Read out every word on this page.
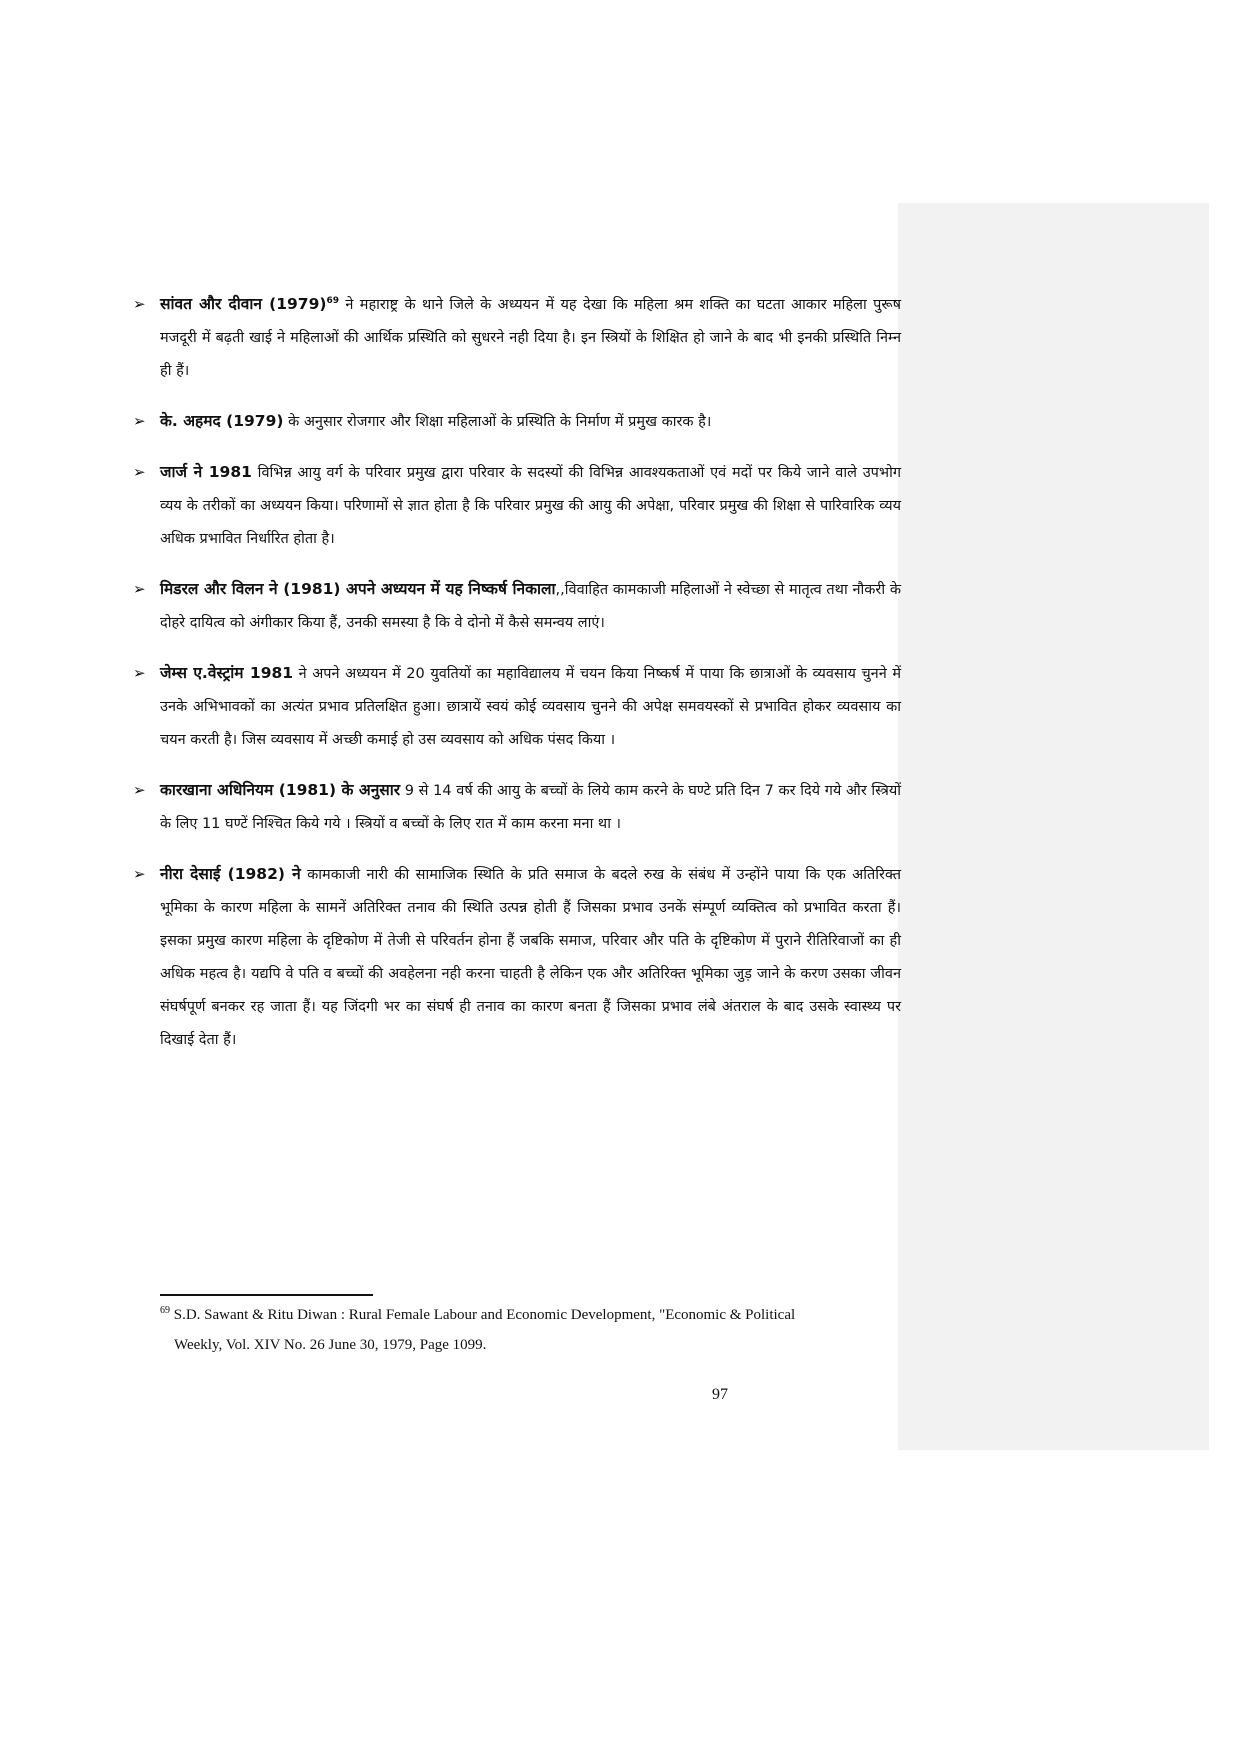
➢ सांवत और दीवान $(1979)^{69}$ ने महाराष्ट्र के थाने जिले के अध्ययन में यह देखा कि महिला श्रम शक्ति का घटता आकार महिला पुरूष मजदूरी में बढ़ती खाई ने महिलाओं की आर्थिक प्रस्थिति को सुधरने नही दिया है। इन स्त्रियों के शिक्षित हो जाने के बाद भी इनकी प्रस्थिति निम्न ही हैं।
➢ के. अहमद (1979) के अनुसार रोजगार और शिक्षा महिलाओं के प्रस्थिति के निर्माण में प्रमुख कारक है।
➢ जार्ज ने 1981 विभिन्न आयु वर्ग के परिवार प्रमुख द्वारा परिवार के सदस्यों की विभिन्न आवश्यकताओं एवं मदों पर किये जाने वाले उपभोग व्यय के तरीकों का अध्ययन किया। परिणामों से ज्ञात होता है कि परिवार प्रमुख की आयु की अपेक्षा, परिवार प्रमुख की शिक्षा से पारिवारिक व्यय अधिक प्रभावित निर्धारित होता है।
➢ मिडरल और विलन ने (1981) अपने अध्ययन में यह निष्कर्ष निकाला,,विवाहित कामकाजी महिलाओं ने स्वेच्छा से मातृत्व तथा नौकरी के दोहरे दायित्व को अंगीकार किया हैं, उनकी समस्या है कि वे दोनो में कैसे समन्वय लाएं।
➢ जेम्स ए.वेस्ट्रांम 1981 ने अपने अध्ययन में 20 युवतियों का महाविद्यालय में चयन किया निष्कर्ष में पाया कि छात्राओं के व्यवसाय चुनने में उनके अभिभावकों का अत्यंत प्रभाव प्रतिलक्षित हुआ। छात्रायें स्वयं कोई व्यवसाय चुनने की अपेक्ष समवयस्कों से प्रभावित होकर व्यवसाय का चयन करती है। जिस व्यवसाय में अच्छी कमाई हो उस व्यवसाय को अधिक पंसद किया ।
➢ कारखाना अधिनियम (1981) के अनुसार 9 से 14 वर्ष की आयु के बच्चों के लिये काम करने के घण्टे प्रति दिन 7 कर दिये गये और स्त्रियों के लिए 11 घण्टें निश्चित किये गये । स्त्रियों व बच्चों के लिए रात में काम करना मना था ।
➢ नीरा देसाई (1982) ने कामकाजी नारी की सामाजिक स्थिति के प्रति समाज के बदले रुख के संबंध में उन्होंने पाया कि एक अतिरिक्त भूमिका के कारण महिला के सामनें अतिरिक्त तनाव की स्थिति उत्पन्न होती हैं जिसका प्रभाव उनकें संम्पूर्ण व्यक्तित्व को प्रभावित करता हैं। इसका प्रमुख कारण महिला के दृष्टिकोण में तेजी से परिवर्तन होना हैं जबकि समाज, परिवार और पति के दृष्टिकोण में पुराने रीतिरिवाजों का ही अधिक महत्व है। यद्यपि वे पति व बच्चों की अवहेलना नही करना चाहती है लेकिन एक और अतिरिक्त भूमिका जुड़ जाने के करण उसका जीवन संघर्षपूर्ण बनकर रह जाता हैं। यह जिंदगी भर का संघर्ष ही तनाव का कारण बनता हैं जिसका प्रभाव लंबे अंतराल के बाद उसके स्वास्थ्य पर दिखाई देता हैं।
$^{69}$ S.D. Sawant & Ritu Diwan : Rural Female Labour and Economic Development, "Economic & Political
Weekly, Vol. XIV No. 26 June 30, 1979, Page 1099.
97
